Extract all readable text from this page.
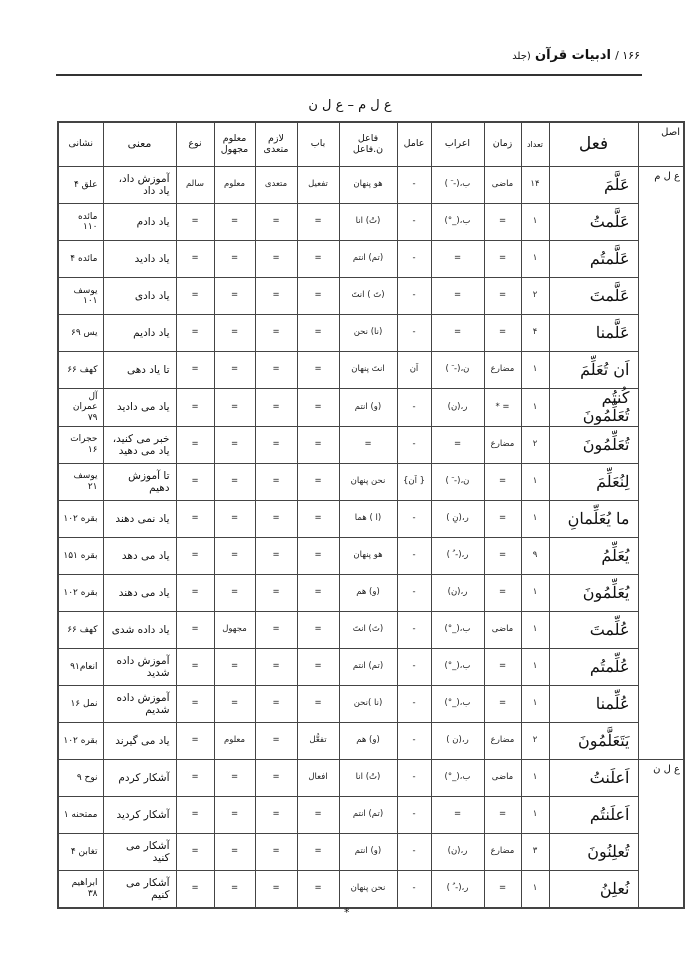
۱۶۶ / ادبیات قرآن (جلد
ع ل م – ع ل ن
اصل	فعل	تعداد	زمان	اعراب	عامل	فاعل ن.فاعل	باب	لازم متعدی	معلوم مجهول	نوع	معنی	نشانی
ع ل م	عَلَّمَ	۱۴	ماضی	ب،(- َ )	-	هو پنهان	تفعیل	متعدی	معلوم	سالم	آموزش داد، یاد داد	علق ۴
	عَلَّمتُ	۱	=	ب،(_°)	-	(تُ) انا	=	=	=	=	یاد دادم	مائده ۱۱۰
	عَلَّمتُم	۱	=	=	-	(تم) انتم	=	=	=	=	یاد دادید	مائده ۴
	عَلَّمتَ	۲	=	=	-	(تَ ) انتَ	=	=	=	=	یاد دادی	یوسف ۱۰۱
	عَلَّمنا	۴	=	=	-	(نا) نحن	=	=	=	=	یاد دادیم	یس ۶۹
	اَن تُعَلِّمَ	۱	مضارع	ن،(- َ )	اَن	انتَ پنهان	=	=	=	=	تا یاد دهی	کهف ۶۶
	کُنتُم تُعَلِّمُونَ	۱	= *	ر،(ن)	-	(و) انتم	=	=	=	=	یاد می دادید	آل عمران ۷۹
	تُعَلِّمُونَ	۲	مضارع	=	-	=	=	=	=	=	خبر می کنید، یاد می دهید	حجرات ۱۶
	لِنُعَلِّمَ	۱	=	ن،(- َ )	{ اَن}	نحن پنهان	=	=	=	=	تا آموزش دهیم	یوسف ۲۱
	ما يُعَلِّمانِ	۱	=	ر،(نِ )	-	(ا ) هما	=	=	=	=	یاد نمی دهند	بقره ۱۰۲
	يُعَلِّمُ	۹	=	ر،(- ُ )	-	هو پنهان	=	=	=	=	یاد می دهد	بقره ۱۵۱
	يُعَلِّمُونَ	۱	=	ر،(ن)	-	(و) هم	=	=	=	=	یاد می دهند	بقره ۱۰۲
	عُلِّمتَ	۱	ماضی	ب،(_°)	-	(تَ) انتَ	=	=	مجهول	=	یاد داده شدی	کهف ۶۶
	عُلِّمتُم	۱	=	ب،(_°)	-	(تم) انتم	=	=	=	=	آموزش داده شدید	انعام۹۱
	عُلِّمنا	۱	=	ب،(_°)	-	(نا )نحن	=	=	=	=	آموزش داده شدیم	نمل ۱۶
	يَتَعَلَّمُونَ	۲	مضارع	ر،(ن )	-	(و) هم	تفعُّل	=	معلوم	=	یاد می گیرند	بقره ۱۰۲
ع ل ن	اَعلَنتُ	۱	ماضی	ب،(_°)	-	(تُ) انا	افعال	=	=	=	آشکار کردم	نوح ۹
	اَعلَنتُم	۱	=	=	-	(تم) انتم	=	=	=	=	آشکار کردید	ممتحنه ۱
	تُعلِنُونَ	۳	مضارع	ر،(ن)	-	(و) انتم	=	=	=	=	آشکار می کنید	تغابن ۴
	نُعلِنُ	۱	=	ر،(- ُ )	-	نحن پنهان	=	=	=	=	آشکار می کنیم	ابراهیم ۳۸
*
